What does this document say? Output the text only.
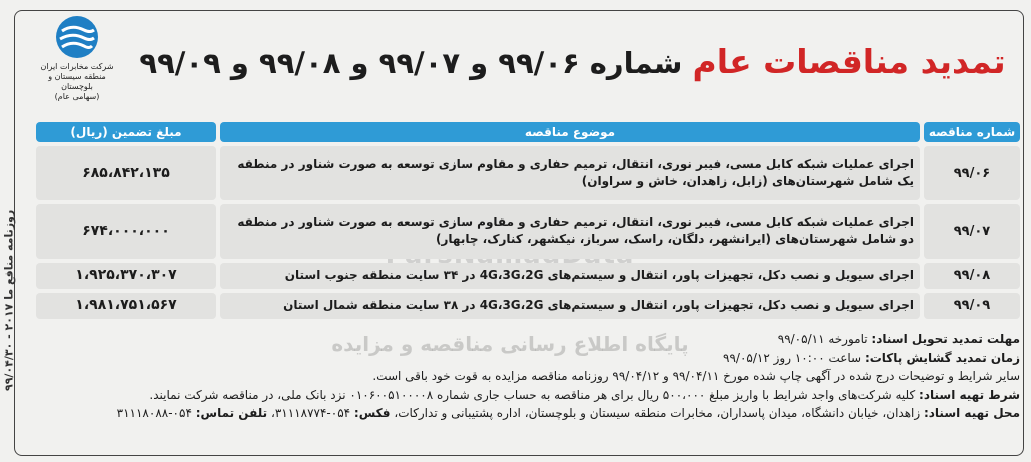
۹۹/۰۴/۳۰ - ۲۰۱۷ روزنامه منافع ما
شرکت مخابرات ایران
منطقه سیستان و بلوچستان
(سهامی عام)
تمدید مناقصات عام شماره ۹۹/۰۶ و ۹۹/۰۷ و ۹۹/۰۸ و ۹۹/۰۹
شماره مناقصه	موضوع مناقصه	مبلغ تضمین (ریال)
۹۹/۰۶	اجرای عملیات شبکه کابل مسی، فیبر نوری، انتقال، ترمیم حفاری و مقاوم سازی توسعه به صورت شناور در منطقه یک شامل شهرستان‌های (زابل، زاهدان، خاش و سراوان)	۶۸۵،۸۴۲،۱۳۵
۹۹/۰۷	اجرای عملیات شبکه کابل مسی، فیبر نوری، انتقال، ترمیم حفاری و مقاوم سازی توسعه به صورت شناور در منطقه دو شامل شهرستان‌های (ایرانشهر، دلگان، راسک، سرباز، نیکشهر، کنارک، چابهار)	۶۷۴،۰۰۰،۰۰۰
۹۹/۰۸	اجرای سیویل و نصب دکل، تجهیزات پاور، انتقال و سیستم‌های 4G،3G،2G در ۳۴ سایت منطقه جنوب استان	۱،۹۲۵،۳۷۰،۳۰۷
۹۹/۰۹	اجرای سیویل و نصب دکل، تجهیزات پاور، انتقال و سیستم‌های 4G،3G،2G در ۳۸ سایت منطقه شمال استان	۱،۹۸۱،۷۵۱،۵۶۷
پایگاه اطلاع رسانی مناقصه و مزایده	مهلت تمدید تحویل اسناد: تامورخه ۹۹/۰۵/۱۱
زمان تمدید گشایش پاکات: ساعت ۱۰:۰۰ روز ۹۹/۰۵/۱۲
سایر شرایط و توضیحات درج شده در آگهی چاپ شده مورخ ۹۹/۰۴/۱۱ و ۹۹/۰۴/۱۲ روزنامه مناقصه مزایده به قوت خود باقی است.
شرط تهیه اسناد: کلیه شرکت‌های واجد شرایط با واریز مبلغ ۵۰۰،۰۰۰ ریال برای هر مناقصه به حساب جاری شماره ۰۱۰۶۰۰۵۱۰۰۰۰۸ نزد بانک ملی، در مناقصه شرکت نمایند.
محل تهیه اسناد: زاهدان، خیابان دانشگاه، میدان پاسداران، مخابرات منطقه سیستان و بلوچستان، اداره پشتیبانی و تدارکات، فکس: ۰۵۴-۳۱۱۱۸۷۷۴، تلفن تماس: ۰۵۴-۳۱۱۱۸۰۸۸
